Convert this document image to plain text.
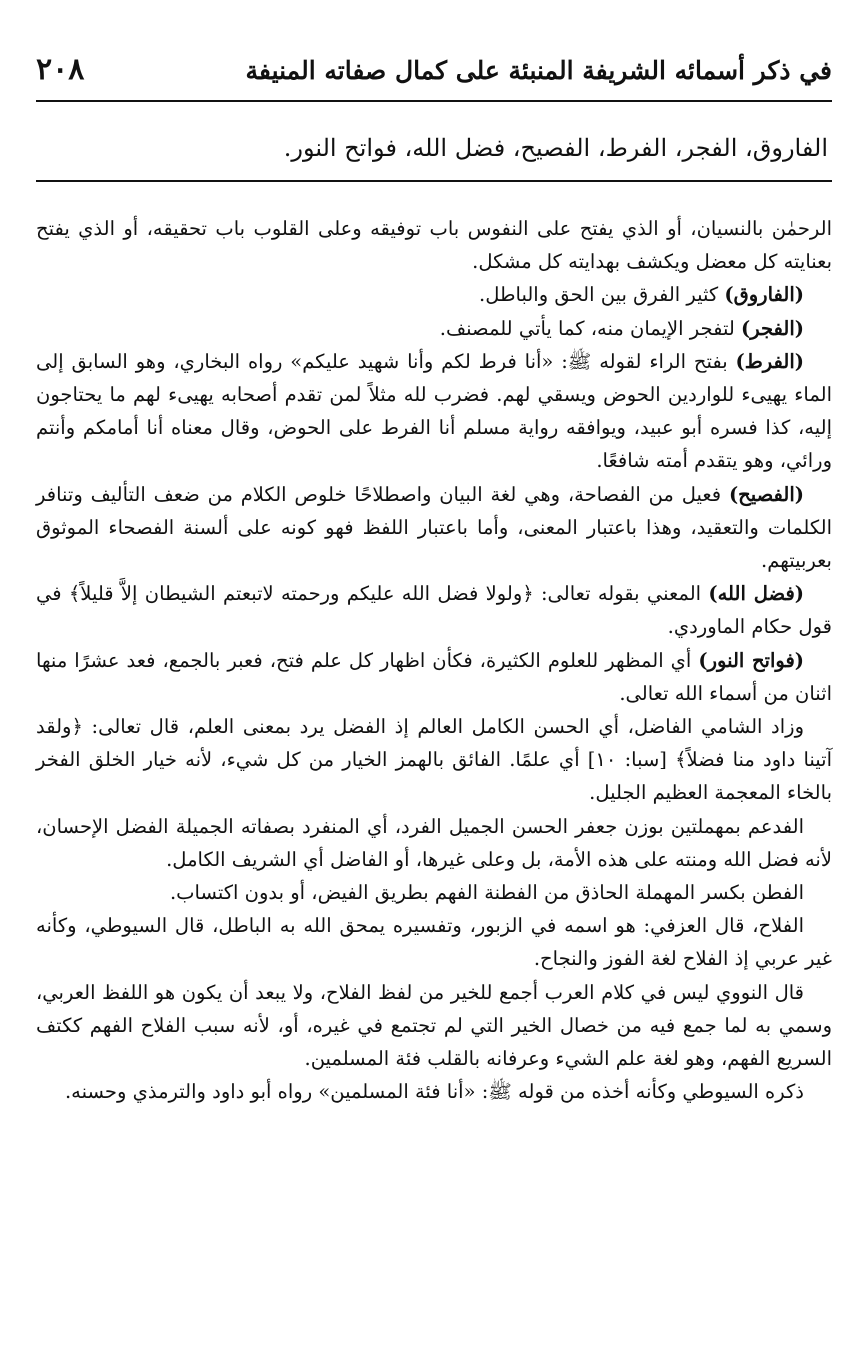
٢٠٨	في ذكر أسمائه الشريفة المنبئة على كمال صفاته المنيفة
الفاروق، الفجر، الفرط، الفصيح، فضل الله، فواتح النور.

الرحمٰن بالنسيان، أو الذي يفتح على النفوس باب توفيقه وعلى القلوب باب تحقيقه، أو الذي يفتح بعنايته كل معضل ويكشف بهدايته كل مشكل.

(الفاروق) كثير الفرق بين الحق والباطل.

(الفجر) لتفجر الإيمان منه، كما يأتي للمصنف.

(الفرط) بفتح الراء لقوله ﷺ: «أنا فرط لكم وأنا شهيد عليكم» رواه البخاري، وهو السابق إلى الماء يهيىء للواردين الحوض ويسقي لهم. فضرب لله مثلاً لمن تقدم أصحابه يهيىء لهم ما يحتاجون إليه، كذا فسره أبو عبيد، ويوافقه رواية مسلم أنا الفرط على الحوض، وقال معناه أنا أمامكم وأنتم ورائي، وهو يتقدم أمته شافعًا.

(الفصيح) فعيل من الفصاحة، وهي لغة البيان واصطلاحًا خلوص الكلام من ضعف التأليف وتنافر الكلمات والتعقيد، وهذا باعتبار المعنى، وأما باعتبار اللفظ فهو كونه على ألسنة الفصحاء الموثوق بعربيتهم.

(فضل الله) المعني بقوله تعالى: ﴿ولولا فضل الله عليكم ورحمته لاتبعتم الشيطان إلاَّ قليلاً﴾ في قول حكام الماوردي.

(فواتح النور) أي المظهر للعلوم الكثيرة، فكأن اظهار كل علم فتح، فعبر بالجمع، فعد عشرًا منها اثنان من أسماء الله تعالى.

وزاد الشامي الفاضل، أي الحسن الكامل العالم إذ الفضل يرد بمعنى العلم، قال تعالى: ﴿ولقد آتينا داود منا فضلاً﴾ [سبا: ١٠] أي علمًا. الفائق بالهمز الخيار من كل شيء، لأنه خيار الخلق الفخر بالخاء المعجمة العظيم الجليل.

الفدعم بمهملتين بوزن جعفر الحسن الجميل الفرد، أي المنفرد بصفاته الجميلة الفضل الإحسان، لأنه فضل الله ومنته على هذه الأمة، بل وعلى غيرها، أو الفاضل أي الشريف الكامل.

الفطن بكسر المهملة الحاذق من الفطنة الفهم بطريق الفيض، أو بدون اكتساب.

الفلاح، قال العزفي: هو اسمه في الزبور، وتفسيره يمحق الله به الباطل، قال السيوطي، وكأنه غير عربي إذ الفلاح لغة الفوز والنجاح.

قال النووي ليس في كلام العرب أجمع للخير من لفظ الفلاح، ولا يبعد أن يكون هو اللفظ العربي، وسمي به لما جمع فيه من خصال الخير التي لم تجتمع في غيره، أو، لأنه سبب الفلاح الفهم ككتف السريع الفهم، وهو لغة علم الشيء وعرفانه بالقلب فئة المسلمين.

ذكره السيوطي وكأنه أخذه من قوله ﷺ: «أنا فئة المسلمين» رواه أبو داود والترمذي وحسنه.
